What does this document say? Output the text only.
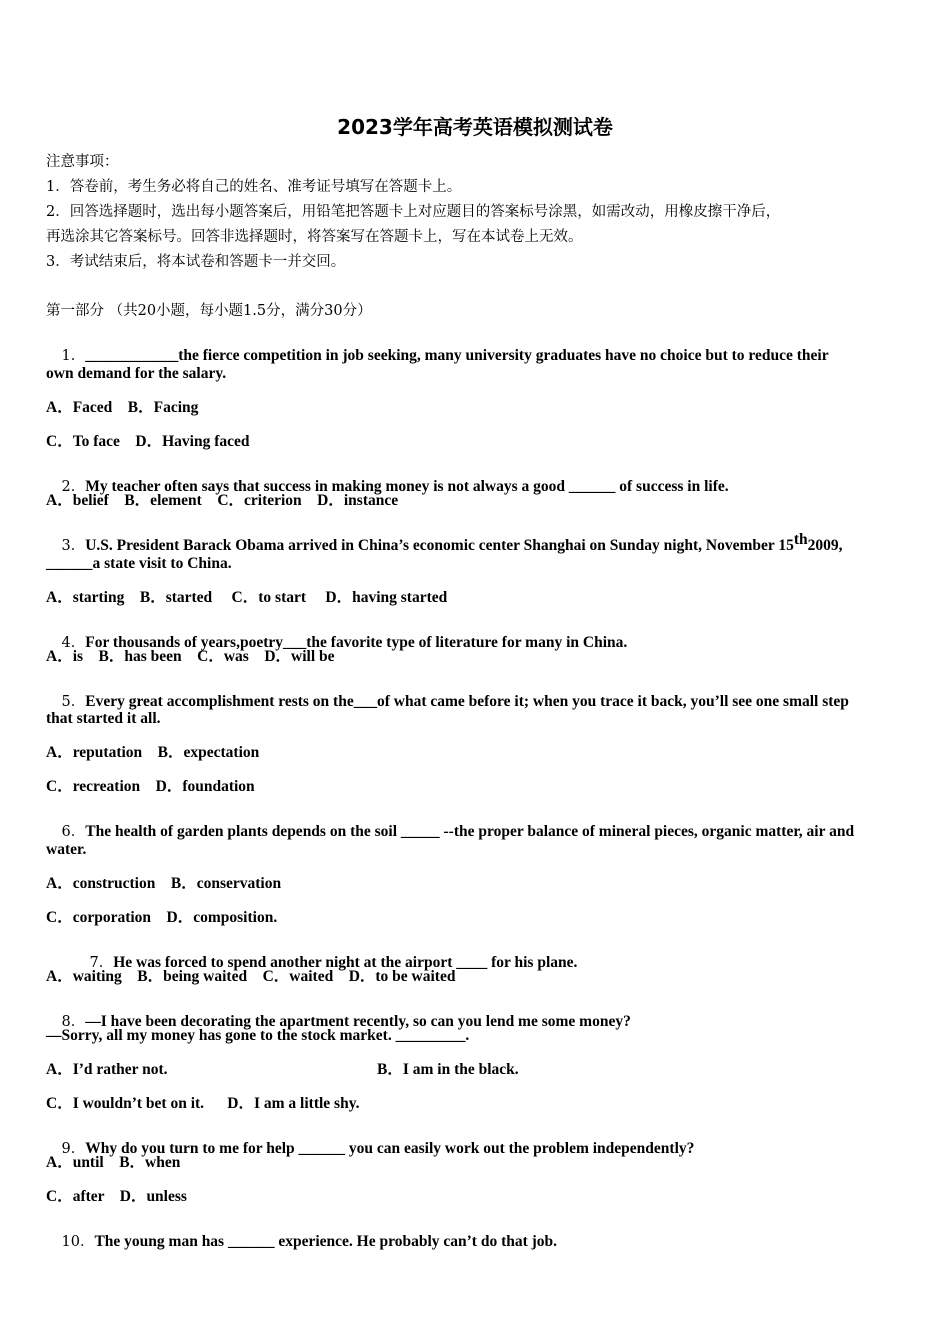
2023学年高考英语模拟测试卷
注意事项：
1．答卷前，考生务必将自己的姓名、准考证号填写在答题卡上。
2．回答选择题时，选出每小题答案后，用铅笔把答题卡上对应题目的答案标号涂黑，如需改动，用橡皮擦干净后，
再选涂其它答案标号。回答非选择题时，将答案写在答题卡上，写在本试卷上无效。
3．考试结束后，将本试卷和答题卡一并交回。
第一部分 （共20小题，每小题1.5分，满分30分）

1．____________the fierce competition in job seeking, many university graduates have no choice but to reduce their

own demand for the salary.
A．Faced    B．Facing
C．To face    D．Having faced

2．My teacher often says that success in making money is not always a good ______ of success in life.

A．belief    B．element    C．criterion    D．instance

3．U.S. President Barack Obama arrived in China’s economic center Shanghai on Sunday night, November 15th2009,

______a state visit to China.
A．starting    B．started     C．to start     D．having started

4．For thousands of years,poetry___the favorite type of literature for many in China.

A．is    B．has been    C．was    D．will be

5．Every great accomplishment rests on the___of what came before it; when you trace it back, you’ll see one small step

that started it all.
A．reputation    B．expectation
C．recreation    D．foundation

6．The health of garden plants depends on the soil _____ --the proper balance of mineral pieces, organic matter, air and

water.
A．construction    B．conservation
C．corporation    D．composition.

7．He was forced to spend another night at the airport ____ for his plane.

A．waiting    B．being waited    C．waited    D．to be waited

8．—I have been decorating the apartment recently, so can you lend me some money?

—Sorry, all my money has gone to the stock market. _________.
A．I’d rather not.	B．I am in the black.
C．I wouldn’t bet on it.      D．I am a little shy.

9．Why do you turn to me for help ______ you can easily work out the problem independently?

A．until    B．when
C．after    D．unless

10．The young man has ______ experience. He probably can’t do that job.
